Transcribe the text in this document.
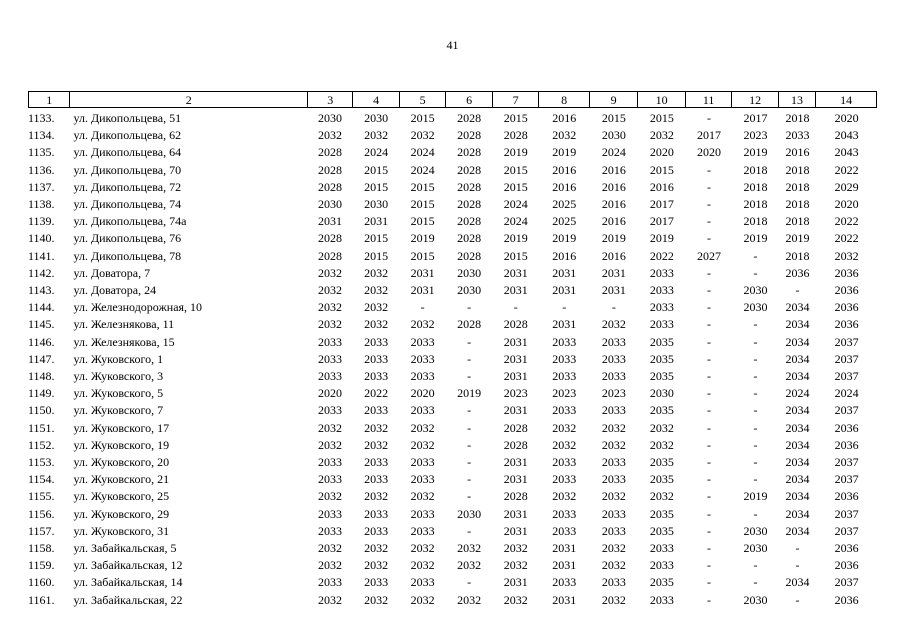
41
1	2	3	4	5	6	7	8	9	10	11	12	13	14
1133.	ул. Дикопольцева, 51	2030	2030	2015	2028	2015	2016	2015	2015	-	2017	2018	2020
1134.	ул. Дикопольцева, 62	2032	2032	2032	2028	2028	2032	2030	2032	2017	2023	2033	2043
1135.	ул. Дикопольцева, 64	2028	2024	2024	2028	2019	2019	2024	2020	2020	2019	2016	2043
1136.	ул. Дикопольцева, 70	2028	2015	2024	2028	2015	2016	2016	2015	-	2018	2018	2022
1137.	ул. Дикопольцева, 72	2028	2015	2015	2028	2015	2016	2016	2016	-	2018	2018	2029
1138.	ул. Дикопольцева, 74	2030	2030	2015	2028	2024	2025	2016	2017	-	2018	2018	2020
1139.	ул. Дикопольцева, 74а	2031	2031	2015	2028	2024	2025	2016	2017	-	2018	2018	2022
1140.	ул. Дикопольцева, 76	2028	2015	2019	2028	2019	2019	2019	2019	-	2019	2019	2022
1141.	ул. Дикопольцева, 78	2028	2015	2015	2028	2015	2016	2016	2022	2027	-	2018	2032
1142.	ул. Доватора, 7	2032	2032	2031	2030	2031	2031	2031	2033	-	-	2036	2036
1143.	ул. Доватора, 24	2032	2032	2031	2030	2031	2031	2031	2033	-	2030	-	2036
1144.	ул. Железнодорожная, 10	2032	2032	-	-	-	-	-	2033	-	2030	2034	2036
1145.	ул. Железнякова, 11	2032	2032	2032	2028	2028	2031	2032	2033	-	-	2034	2036
1146.	ул. Железнякова, 15	2033	2033	2033	-	2031	2033	2033	2035	-	-	2034	2037
1147.	ул. Жуковского, 1	2033	2033	2033	-	2031	2033	2033	2035	-	-	2034	2037
1148.	ул. Жуковского, 3	2033	2033	2033	-	2031	2033	2033	2035	-	-	2034	2037
1149.	ул. Жуковского, 5	2020	2022	2020	2019	2023	2023	2023	2030	-	-	2024	2024
1150.	ул. Жуковского, 7	2033	2033	2033	-	2031	2033	2033	2035	-	-	2034	2037
1151.	ул. Жуковского, 17	2032	2032	2032	-	2028	2032	2032	2032	-	-	2034	2036
1152.	ул. Жуковского, 19	2032	2032	2032	-	2028	2032	2032	2032	-	-	2034	2036
1153.	ул. Жуковского, 20	2033	2033	2033	-	2031	2033	2033	2035	-	-	2034	2037
1154.	ул. Жуковского, 21	2033	2033	2033	-	2031	2033	2033	2035	-	-	2034	2037
1155.	ул. Жуковского, 25	2032	2032	2032	-	2028	2032	2032	2032	-	2019	2034	2036
1156.	ул. Жуковского, 29	2033	2033	2033	2030	2031	2033	2033	2035	-	-	2034	2037
1157.	ул. Жуковского, 31	2033	2033	2033	-	2031	2033	2033	2035	-	2030	2034	2037
1158.	ул. Забайкальская, 5	2032	2032	2032	2032	2032	2031	2032	2033	-	2030	-	2036
1159.	ул. Забайкальская, 12	2032	2032	2032	2032	2032	2031	2032	2033	-	-	-	2036
1160.	ул. Забайкальская, 14	2033	2033	2033	-	2031	2033	2033	2035	-	-	2034	2037
1161.	ул. Забайкальская, 22	2032	2032	2032	2032	2032	2031	2032	2033	-	2030	-	2036
